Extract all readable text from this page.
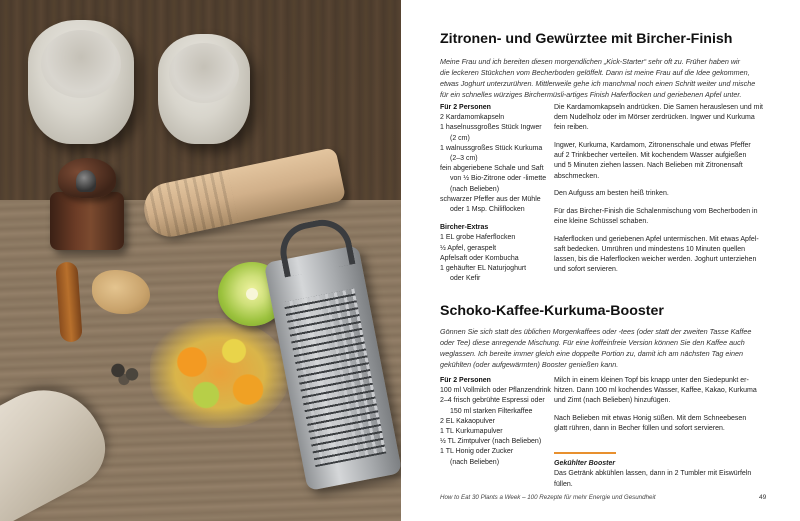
Zitronen- und Gewürztee mit Bircher-Finish
Meine Frau und ich bereiten diesen morgendlichen „Kick-Starter“ sehr oft zu. Früher haben wir
die leckeren Stückchen vom Becherboden gelöffelt. Dann ist meine Frau auf die Idee gekommen,
etwas Joghurt unterzurühren. Mittlerweile gehe ich manchmal noch einen Schritt weiter und mische
für ein schnelles würziges Birchermüsli-artiges Finish Haferflocken und geriebenen Apfel unter.
Für 2 Personen
2 Kardamomkapseln
1 haselnussgroßes Stück Ingwer
(2 cm)
1 walnussgroßes Stück Kurkuma
(2–3 cm)
fein abgeriebene Schale und Saft
von ½ Bio-Zitrone oder -limette
(nach Belieben)
schwarzer Pfeffer aus der Mühle
oder 1 Msp. Chiliflocken
Bircher-Extras
1 EL grobe Haferflocken
½ Apfel, geraspelt
Apfelsaft oder Kombucha
1 gehäufter EL Naturjoghurt
oder Kefir

Die Kardamomkapseln andrücken. Die Samen herauslesen und mit
dem Nudelholz oder im Mörser zerdrücken. Ingwer und Kurkuma
fein reiben.

Ingwer, Kurkuma, Kardamom, Zitronenschale und etwas Pfeffer
auf 2 Trinkbecher verteilen. Mit kochendem Wasser aufgießen
und 5 Minuten ziehen lassen. Nach Belieben mit Zitronensaft
abschmecken.

Den Aufguss am besten heiß trinken.

Für das Bircher-Finish die Schalenmischung vom Becherboden in
eine kleine Schüssel schaben.

Haferflocken und geriebenen Apfel untermischen. Mit etwas Apfel-
saft bedecken. Umrühren und mindestens 10 Minuten quellen
lassen, bis die Haferflocken weicher werden. Joghurt unterziehen
und sofort servieren.

Schoko-Kaffee-Kurkuma-Booster
Gönnen Sie sich statt des üblichen Morgenkaffees oder -tees (oder statt der zweiten Tasse Kaffee
oder Tee) diese anregende Mischung. Für eine koffeinfreie Version können Sie den Kaffee auch
weglassen. Ich bereite immer gleich eine doppelte Portion zu, damit ich am nächsten Tag einen
gekühlten (oder aufgewärmten) Booster genießen kann.
Für 2 Personen
100 ml Vollmilch oder Pflanzendrink
2–4 frisch gebrühte Espressi oder
150 ml starken Filterkaffee
2 EL Kakaopulver
1 TL Kurkumapulver
½ TL Zimtpulver (nach Belieben)
1 TL Honig oder Zucker
(nach Belieben)

Milch in einem kleinen Topf bis knapp unter den Siedepunkt er-
hitzen. Dann 100 ml kochendes Wasser, Kaffee, Kakao, Kurkuma
und Zimt (nach Belieben) hinzufügen.

Nach Belieben mit etwas Honig süßen. Mit dem Schneebesen
glatt rühren, dann in Becher füllen und sofort servieren.

Gekühlter Booster
Das Getränk abkühlen lassen, dann in 2 Tumbler mit Eiswürfeln füllen.
How to Eat 30 Plants a Week – 100 Rezepte für mehr Energie und Gesundheit	49
